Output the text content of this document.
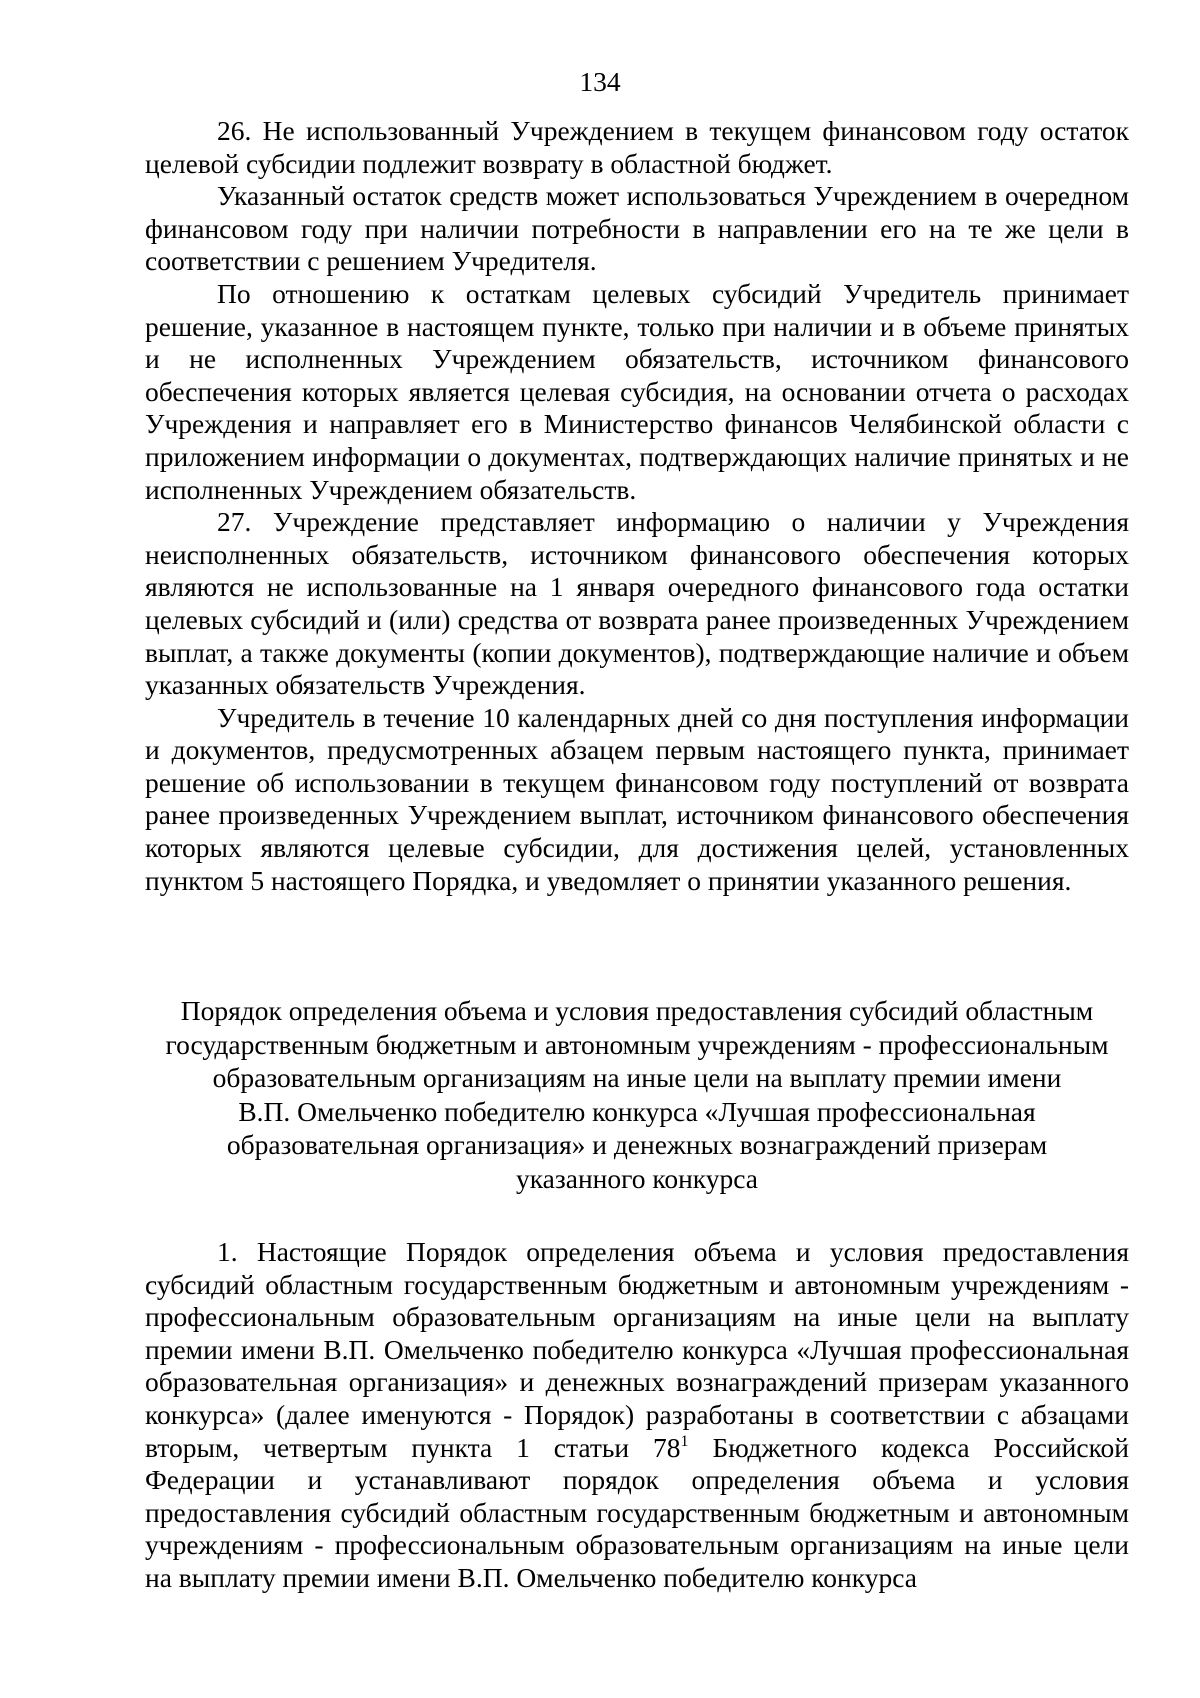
134

26. Не использованный Учреждением в текущем финансовом году остаток целевой субсидии подлежит возврату в областной бюджет.

Указанный остаток средств может использоваться Учреждением в очередном финансовом году при наличии потребности в направлении его на те же цели в соответствии с решением Учредителя.

По отношению к остаткам целевых субсидий Учредитель принимает решение, указанное в настоящем пункте, только при наличии и в объеме принятых и не исполненных Учреждением обязательств, источником финансового обеспечения которых является целевая субсидия, на основании отчета о расходах Учреждения и направляет его в Министерство финансов Челябинской области с приложением информации о документах, подтверждающих наличие принятых и не исполненных Учреждением обязательств.

27. Учреждение представляет информацию о наличии у Учреждения неисполненных обязательств, источником финансового обеспечения которых являются не использованные на 1 января очередного финансового года остатки целевых субсидий и (или) средства от возврата ранее произведенных Учреждением выплат, а также документы (копии документов), подтверждающие наличие и объем указанных обязательств Учреждения.

Учредитель в течение 10 календарных дней со дня поступления информации и документов, предусмотренных абзацем первым настоящего пункта, принимает решение об использовании в текущем финансовом году поступлений от возврата ранее произведенных Учреждением выплат, источником финансового обеспечения которых являются целевые субсидии, для достижения целей, установленных пунктом 5 настоящего Порядка, и уведомляет о принятии указанного решения.

Порядок определения объема и условия предоставления субсидий областным
государственным бюджетным и автономным учреждениям - профессиональным
образовательным организациям на иные цели на выплату премии имени
В.П. Омельченко победителю конкурса «Лучшая профессиональная
образовательная организация» и денежных вознаграждений призерам
указанного конкурса

1. Настоящие Порядок определения объема и условия предоставления субсидий областным государственным бюджетным и автономным учреждениям - профессиональным образовательным организациям на иные цели на выплату премии имени В.П. Омельченко победителю конкурса «Лучшая профессиональная образовательная организация» и денежных вознаграждений призерам указанного конкурса» (далее именуются - Порядок) разработаны в соответствии с абзацами вторым, четвертым пункта 1 статьи $78^1$ Бюджетного кодекса Российской Федерации и устанавливают порядок определения объема и условия предоставления субсидий областным государственным бюджетным и автономным учреждениям - профессиональным образовательным организациям на иные цели на выплату премии имени В.П. Омельченко победителю конкурса
